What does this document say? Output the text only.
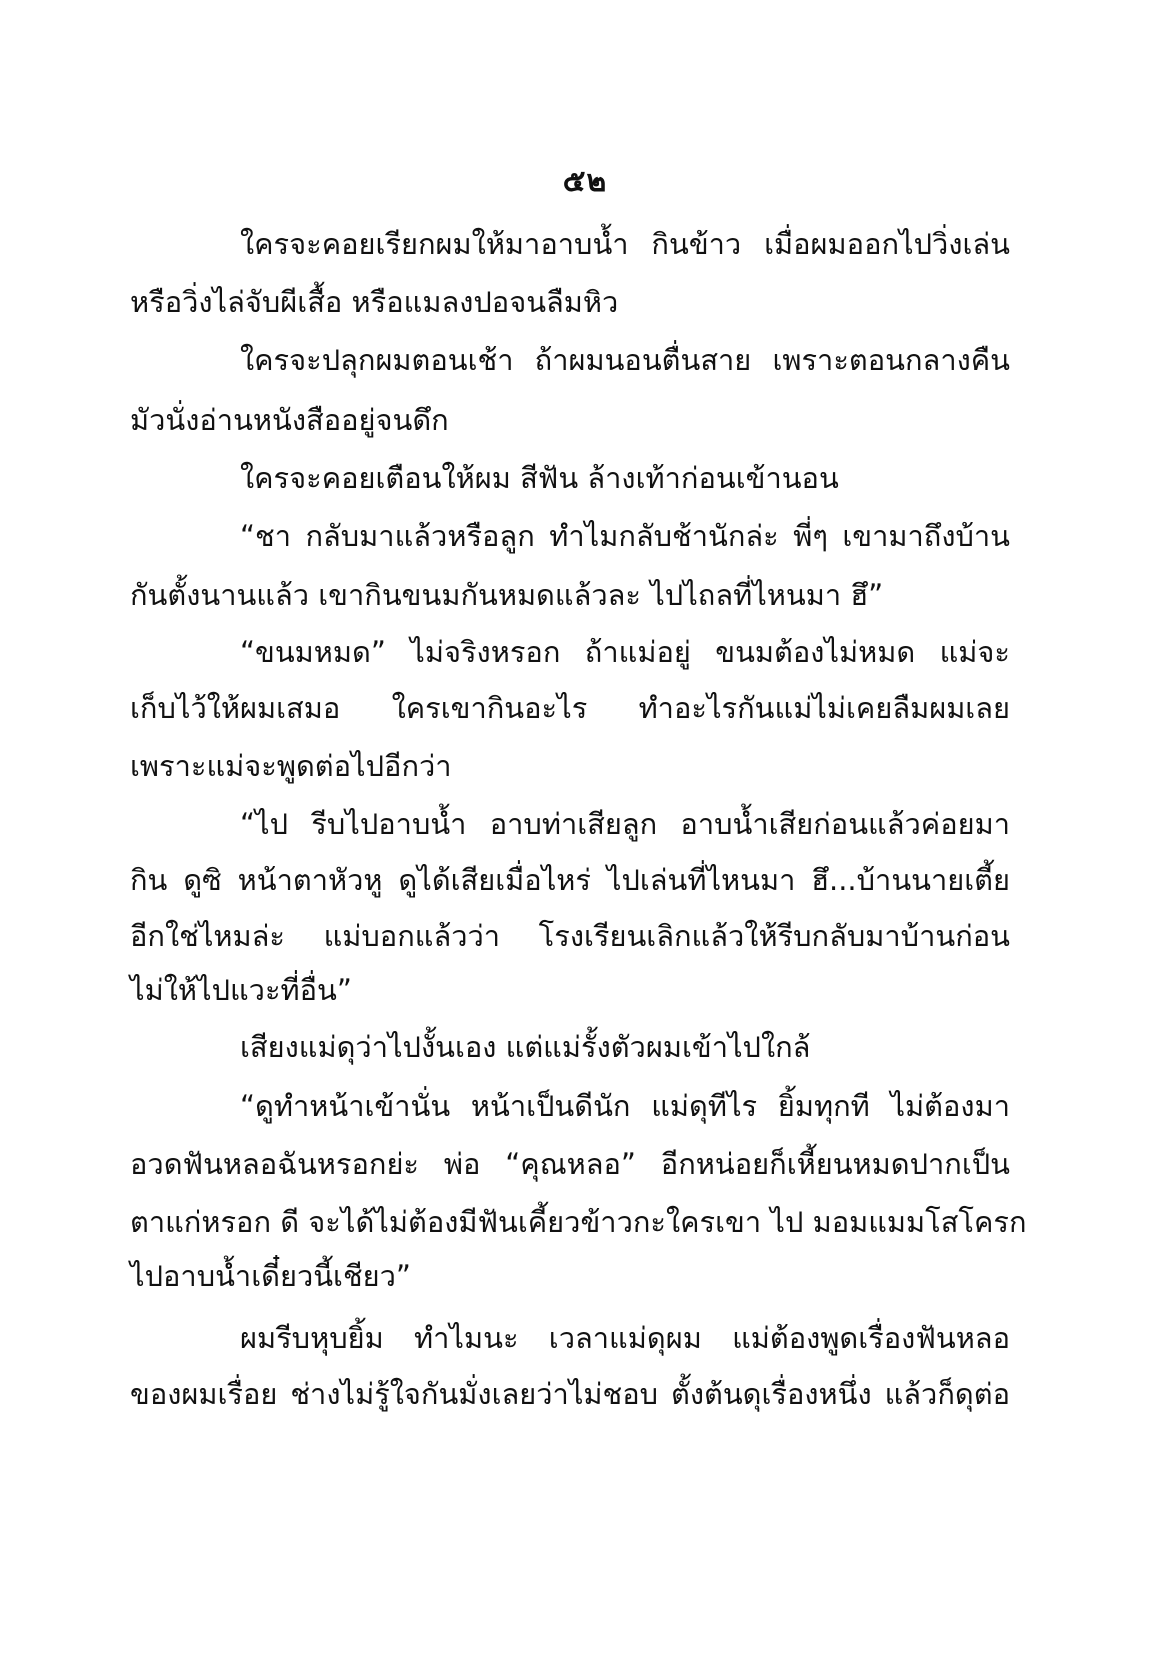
๕๒
ใครจะคอยเรียกผมให้มาอาบน้ำ กินข้าว เมื่อผมออกไปวิ่งเล่น
หรือวิ่งไล่จับผีเสื้อ หรือแมลงปอจนลืมหิว
ใครจะปลุกผมตอนเช้า ถ้าผมนอนตื่นสาย เพราะตอนกลางคืน
มัวนั่งอ่านหนังสืออยู่จนดึก
ใครจะคอยเตือนให้ผม สีฟัน ล้างเท้าก่อนเข้านอน
“ชา กลับมาแล้วหรือลูก ทำไมกลับช้านักล่ะ พี่ๆ เขามาถึงบ้าน
กันตั้งนานแล้ว เขากินขนมกันหมดแล้วละ ไปไถลที่ไหนมา ฮึ”
“ขนมหมด” ไม่จริงหรอก ถ้าแม่อยู่ ขนมต้องไม่หมด แม่จะ
เก็บไว้ให้ผมเสมอ ใครเขากินอะไร ทำอะไรกันแม่ไม่เคยลืมผมเลย
เพราะแม่จะพูดต่อไปอีกว่า
“ไป รีบไปอาบน้ำ อาบท่าเสียลูก อาบน้ำเสียก่อนแล้วค่อยมา
กิน ดูซิ หน้าตาหัวหู ดูได้เสียเมื่อไหร่ ไปเล่นที่ไหนมา ฮึ...บ้านนายเตี้ย
อีกใช่ไหมล่ะ แม่บอกแล้วว่า โรงเรียนเลิกแล้วให้รีบกลับมาบ้านก่อน
ไม่ให้ไปแวะที่อื่น”
เสียงแม่ดุว่าไปงั้นเอง แต่แม่รั้งตัวผมเข้าไปใกล้
“ดูทำหน้าเข้านั่น หน้าเป็นดีนัก แม่ดุทีไร ยิ้มทุกที ไม่ต้องมา
อวดฟันหลอฉันหรอกย่ะ พ่อ “คุณหลอ” อีกหน่อยก็เหี้ยนหมดปากเป็น
ตาแก่หรอก ดี จะได้ไม่ต้องมีฟันเคี้ยวข้าวกะใครเขา ไป มอมแมมโสโครก
ไปอาบน้ำเดี๋ยวนี้เชียว”
ผมรีบหุบยิ้ม ทำไมนะ เวลาแม่ดุผม แม่ต้องพูดเรื่องฟันหลอ
ของผมเรื่อย ช่างไม่รู้ใจกันมั่งเลยว่าไม่ชอบ ตั้งต้นดุเรื่องหนึ่ง แล้วก็ดุต่อ
